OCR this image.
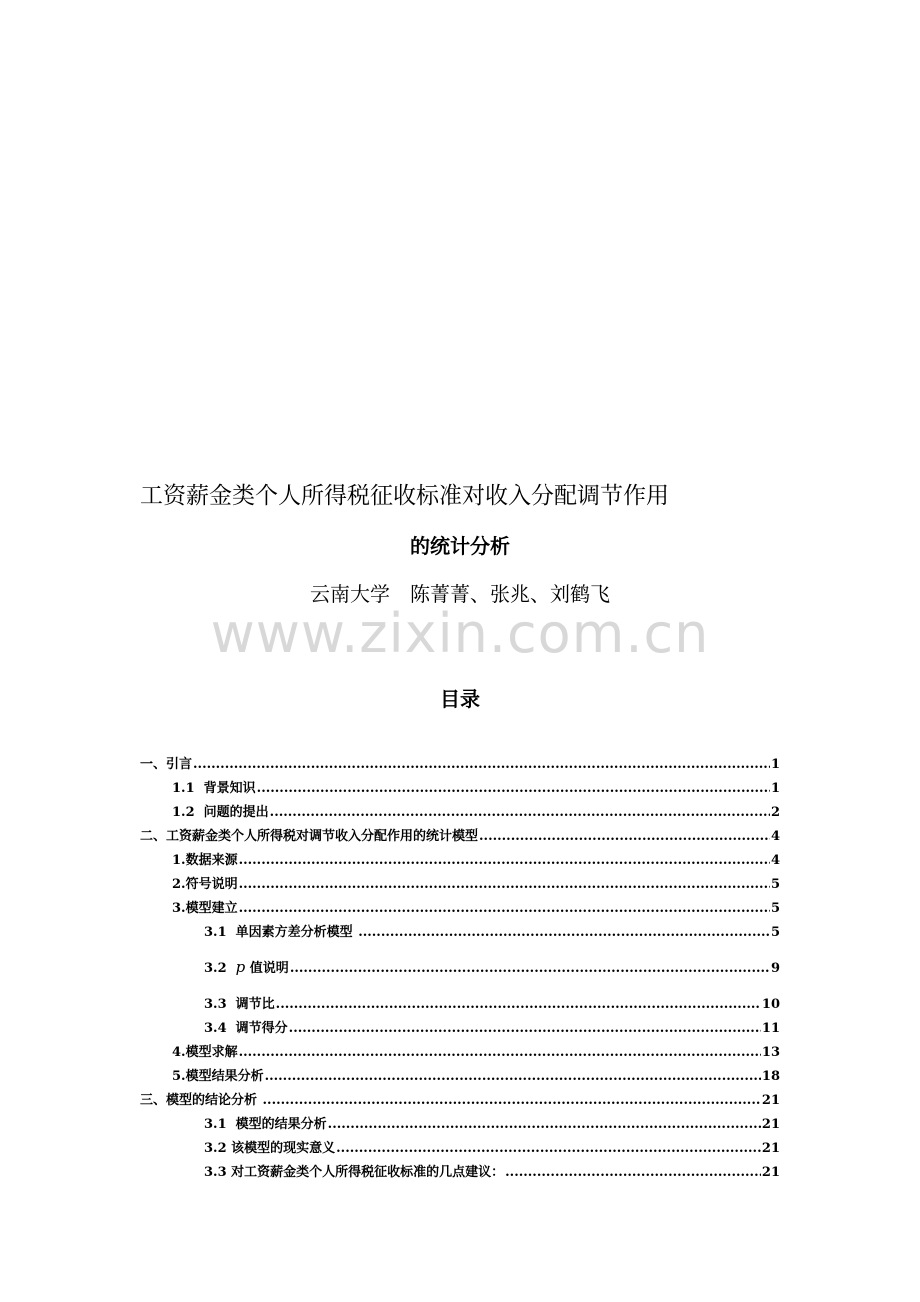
工资薪金类个人所得税征收标准对收入分配调节作用
的统计分析
云南大学　陈菁菁、张兆、刘鹤飞
www.zixin.com.cn
目录
一、引言 .....	1
1.1  背景知识 .....	1
1.2  问题的提出 .....	2
二、工资薪金类个人所得税对调节收入分配作用的统计模型 .....	4
1.数据来源 .....	4
2.符号说明 .....	5
3.模型建立 .....	5
3.1  单因素方差分析模型 .....	5
3.2  p 值说明 .....	9
3.3  调节比 .....	10
3.4  调节得分 .....	11
4.模型求解 .....	13
5.模型结果分析 .....	18
三、模型的结论分析 .....	21
3.1  模型的结果分析 .....	21
3.2 该模型的现实意义 .....	21
3.3 对工资薪金类个人所得税征收标准的几点建议： .....	21
